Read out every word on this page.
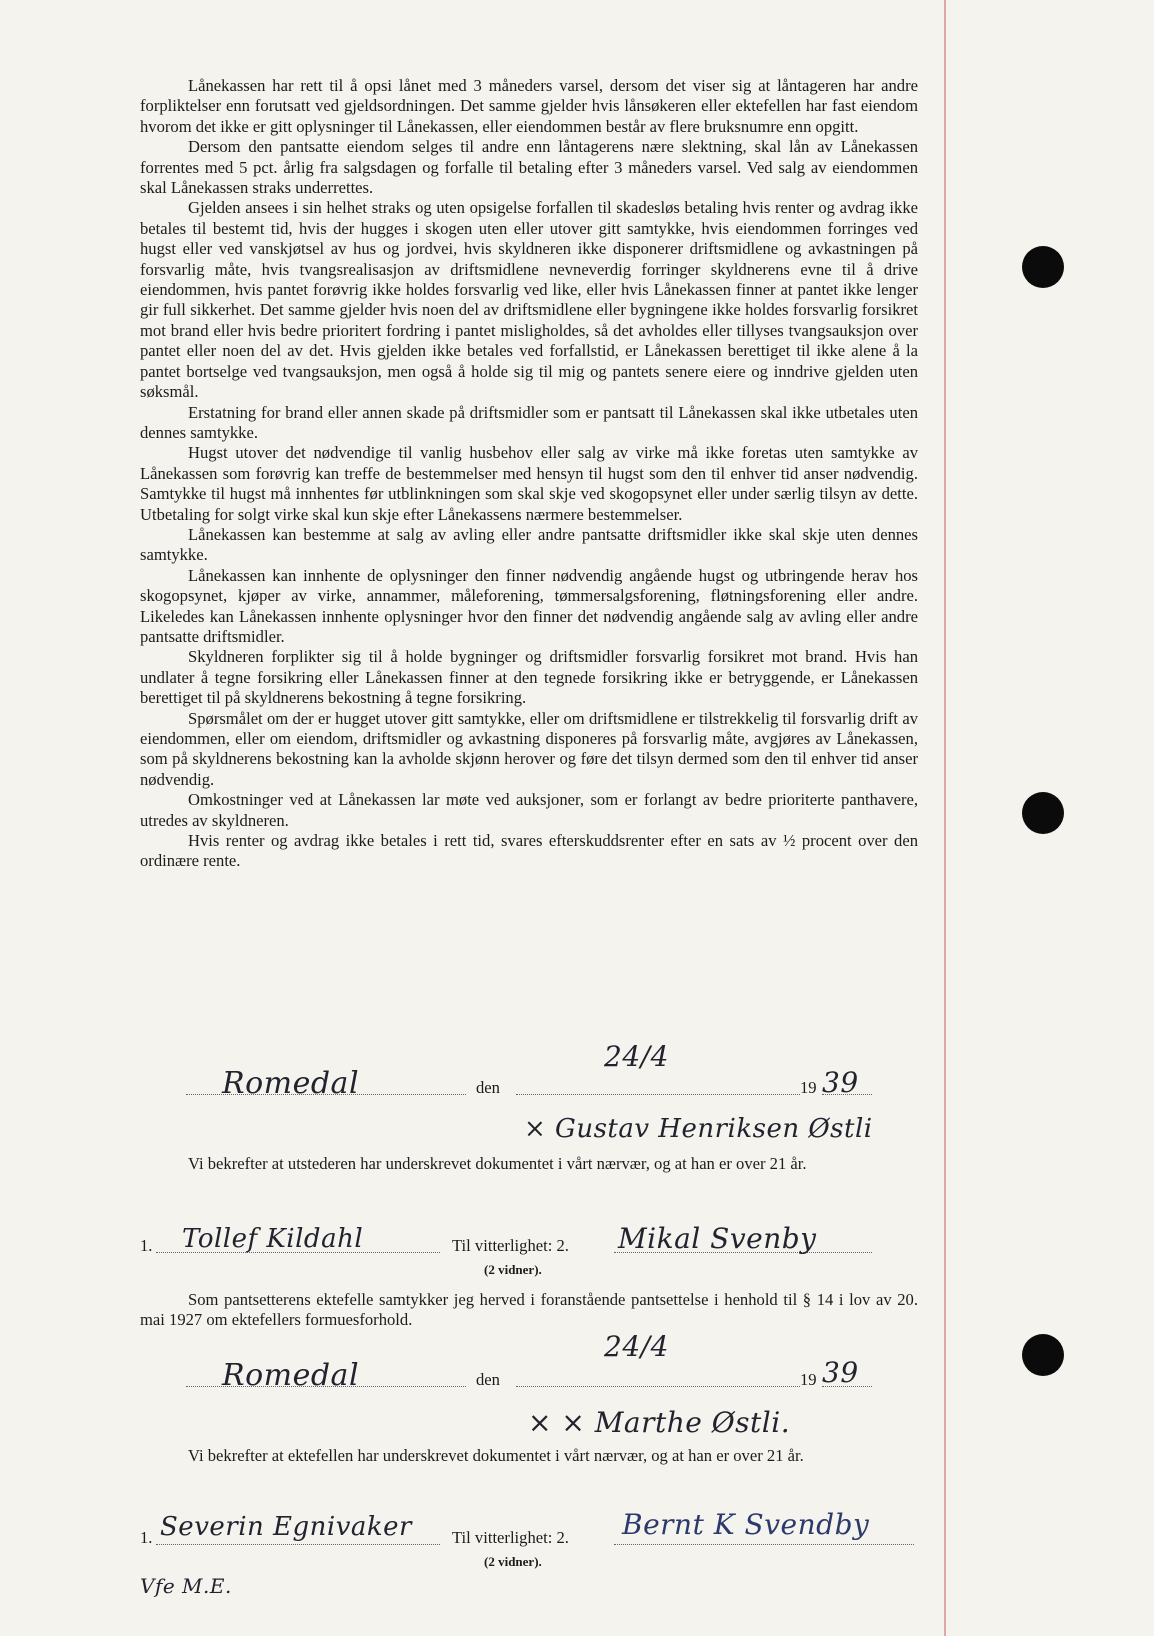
Lånekassen har rett til å opsi lånet med 3 måneders varsel, dersom det viser sig at låntageren har andre forpliktelser enn forutsatt ved gjeldsordningen. Det samme gjelder hvis lånsøkeren eller ektefellen har fast eiendom hvorom det ikke er gitt oplysninger til Lånekassen, eller eiendommen består av flere bruksnumre enn opgitt.

Dersom den pantsatte eiendom selges til andre enn låntagerens nære slektning, skal lån av Lånekassen forrentes med 5 pct. årlig fra salgsdagen og forfalle til betaling efter 3 måneders varsel. Ved salg av eiendommen skal Lånekassen straks underrettes.

Gjelden ansees i sin helhet straks og uten opsigelse forfallen til skadesløs betaling hvis renter og avdrag ikke betales til bestemt tid, hvis der hugges i skogen uten eller utover gitt samtykke, hvis eiendommen forringes ved hugst eller ved vanskjøtsel av hus og jordvei, hvis skyldneren ikke disponerer driftsmidlene og avkastningen på forsvarlig måte, hvis tvangsrealisasjon av driftsmidlene nevneverdig forringer skyldnerens evne til å drive eiendommen, hvis pantet forøvrig ikke holdes forsvarlig ved like, eller hvis Lånekassen finner at pantet ikke lenger gir full sikkerhet. Det samme gjelder hvis noen del av driftsmidlene eller bygningene ikke holdes forsvarlig forsikret mot brand eller hvis bedre prioritert fordring i pantet misligholdes, så det avholdes eller tillyses tvangsauksjon over pantet eller noen del av det. Hvis gjelden ikke betales ved forfallstid, er Lånekassen berettiget til ikke alene å la pantet bortselge ved tvangsauksjon, men også å holde sig til mig og pantets senere eiere og inndrive gjelden uten søksmål.

Erstatning for brand eller annen skade på driftsmidler som er pantsatt til Lånekassen skal ikke utbetales uten dennes samtykke.

Hugst utover det nødvendige til vanlig husbehov eller salg av virke må ikke foretas uten samtykke av Lånekassen som forøvrig kan treffe de bestemmelser med hensyn til hugst som den til enhver tid anser nødvendig. Samtykke til hugst må innhentes før utblinkningen som skal skje ved skogopsynet eller under særlig tilsyn av dette. Utbetaling for solgt virke skal kun skje efter Lånekassens nærmere bestemmelser.

Lånekassen kan bestemme at salg av avling eller andre pantsatte driftsmidler ikke skal skje uten dennes samtykke.

Lånekassen kan innhente de oplysninger den finner nødvendig angående hugst og utbringende herav hos skogopsynet, kjøper av virke, annammer, måleforening, tømmersalgsforening, fløtningsforening eller andre. Likeledes kan Lånekassen innhente oplysninger hvor den finner det nødvendig angående salg av avling eller andre pantsatte driftsmidler.

Skyldneren forplikter sig til å holde bygninger og driftsmidler forsvarlig forsikret mot brand. Hvis han undlater å tegne forsikring eller Lånekassen finner at den tegnede forsikring ikke er betryggende, er Lånekassen berettiget til på skyldnerens bekostning å tegne forsikring.

Spørsmålet om der er hugget utover gitt samtykke, eller om driftsmidlene er tilstrekkelig til forsvarlig drift av eiendommen, eller om eiendom, driftsmidler og avkastning disponeres på forsvarlig måte, avgjøres av Lånekassen, som på skyldnerens bekostning kan la avholde skjønn herover og føre det tilsyn dermed som den til enhver tid anser nødvendig.

Omkostninger ved at Lånekassen lar møte ved auksjoner, som er forlangt av bedre prioriterte panthavere, utredes av skyldneren.

Hvis renter og avdrag ikke betales i rett tid, svares efterskuddsrenter efter en sats av ½ procent over den ordinære rente.

Romedal	den
24/4
19 39
× Gustav Henriksen Østli

Vi bekrefter at utstederen har underskrevet dokumentet i vårt nærvær, og at han er over 21 år.

1. Tollef Kildahl	Til vitterlighet: 2.
(2 vidner).
Mikal Svenby

Som pantsetterens ektefelle samtykker jeg herved i foranstående pantsettelse i henhold til § 14 i lov av 20. mai 1927 om ektefellers formuesforhold.

Romedal	den
24/4
19 39
× × Marthe Østli.

Vi bekrefter at ektefellen har underskrevet dokumentet i vårt nærvær, og at han er over 21 år.

1. Severin Egnivaker Til vitterlighet: 2.
(2 vidner).
Bernt K Svendby
Vfe M.E.
